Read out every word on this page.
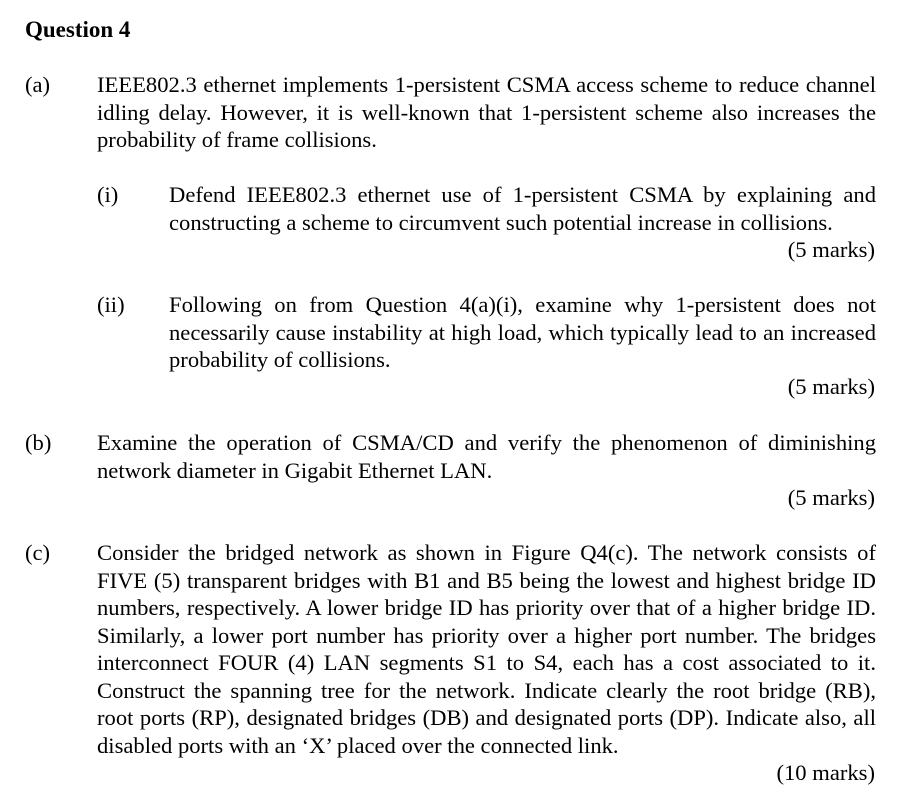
Question 4
(a) IEEE802.3 ethernet implements 1-persistent CSMA access scheme to reduce channel idling delay. However, it is well-known that 1-persistent scheme also increases the probability of frame collisions.
(i) Defend IEEE802.3 ethernet use of 1-persistent CSMA by explaining and constructing a scheme to circumvent such potential increase in collisions.
(5 marks)
(ii) Following on from Question 4(a)(i), examine why 1-persistent does not necessarily cause instability at high load, which typically lead to an increased probability of collisions.
(5 marks)
(b) Examine the operation of CSMA/CD and verify the phenomenon of diminishing network diameter in Gigabit Ethernet LAN.
(5 marks)
(c) Consider the bridged network as shown in Figure Q4(c). The network consists of FIVE (5) transparent bridges with B1 and B5 being the lowest and highest bridge ID numbers, respectively. A lower bridge ID has priority over that of a higher bridge ID. Similarly, a lower port number has priority over a higher port number. The bridges interconnect FOUR (4) LAN segments S1 to S4, each has a cost associated to it. Construct the spanning tree for the network. Indicate clearly the root bridge (RB), root ports (RP), designated bridges (DB) and designated ports (DP). Indicate also, all disabled ports with an ‘X’ placed over the connected link.
(10 marks)
